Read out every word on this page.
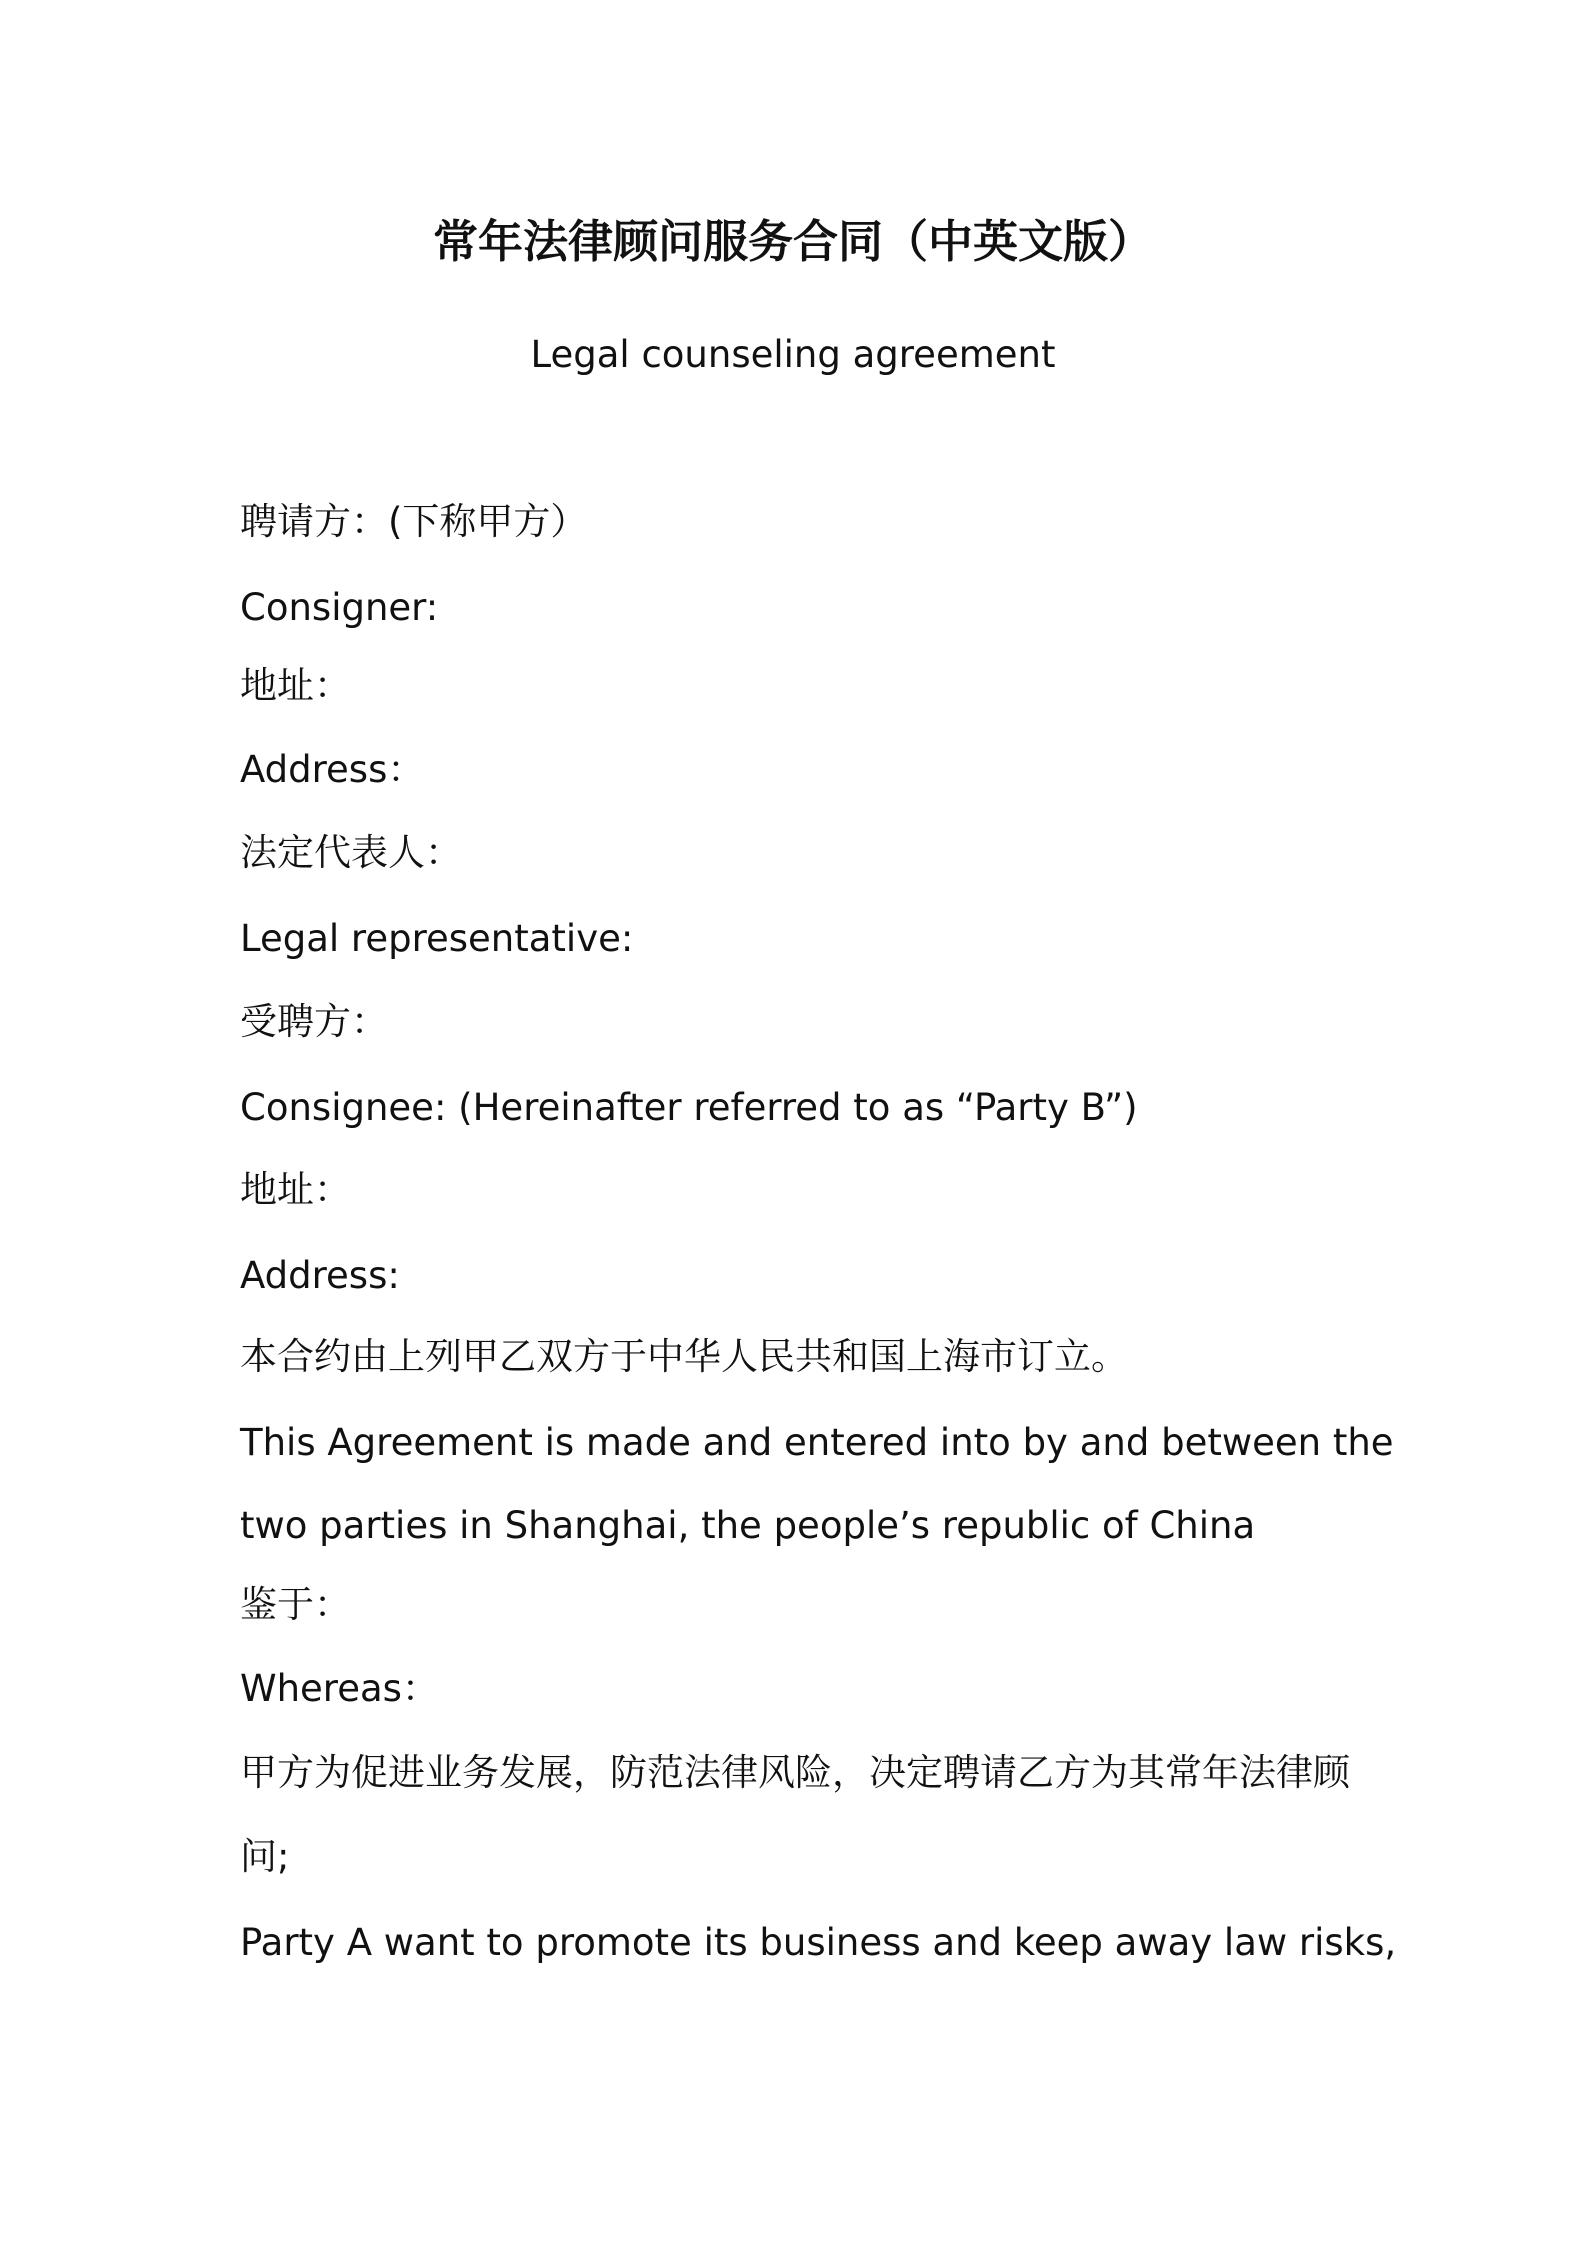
常年法律顾问服务合同（中英文版）
Legal counseling agreement
聘请方：(下称甲方）
Consigner:
地址：
Address：
法定代表人：
Legal representative:
受聘方：
Consignee: (Hereinafter referred to as “Party B”)
地址：
Address:
本合约由上列甲乙双方于中华人民共和国上海市订立。
This Agreement is made and entered into by and between the
two parties in Shanghai, the people’s republic of China
鉴于：
Whereas：
甲方为促进业务发展，防范法律风险，决定聘请乙方为其常年法律顾
问;
Party A want to promote its business and keep away law risks,
